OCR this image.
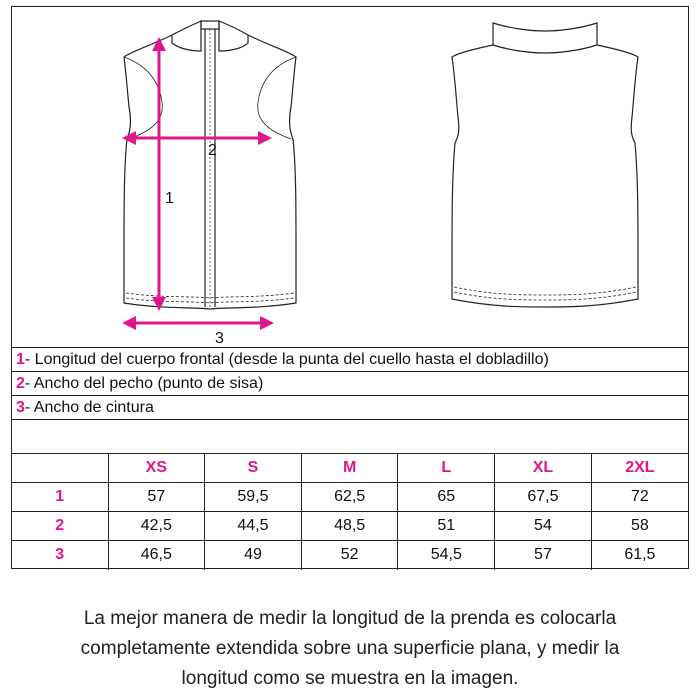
1
2
3
1- Longitud del cuerpo frontal (desde la punta del cuello hasta el dobladillo)
2- Ancho del pecho (punto de sisa)
3- Ancho de cintura
	XS	S	M	L	XL	2XL
1	57	59,5	62,5	65	67,5	72
2	42,5	44,5	48,5	51	54	58
3	46,5	49	52	54,5	57	61,5
La mejor manera de medir la longitud de la prenda es colocarla
completamente extendida sobre una superficie plana, y medir la
longitud como se muestra en la imagen.
